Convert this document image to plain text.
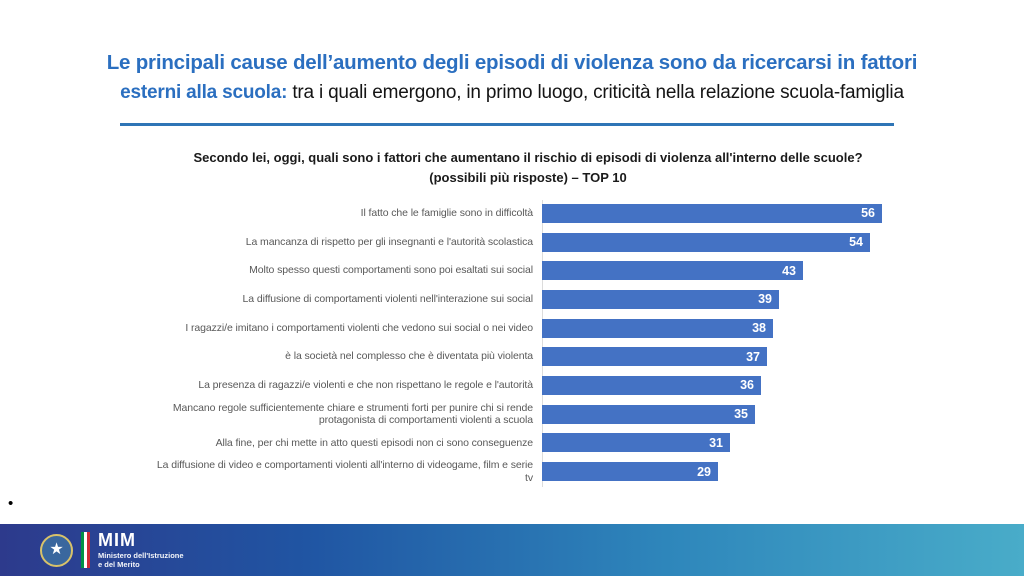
Le principali cause dell’aumento degli episodi di violenza sono da ricercarsi in fattori
esterni alla scuola: tra i quali emergono, in primo luogo, criticità nella relazione scuola-famiglia
Secondo lei, oggi, quali sono i fattori che aumentano il rischio di episodi di violenza all'interno delle scuole?
(possibili più risposte) – TOP 10
Il fatto che le famiglie sono in difficoltà	56
La mancanza di rispetto per gli insegnanti e l'autorità scolastica	54
Molto spesso questi comportamenti sono poi esaltati sui social	43
La diffusione di comportamenti violenti nell'interazione sui social	39
I ragazzi/e imitano i comportamenti violenti che vedono sui social o nei video	38
è la società nel complesso che è diventata più violenta	37
La presenza di ragazzi/e violenti e che non rispettano le regole e l'autorità	36
Mancano regole sufficientemente chiare e strumenti forti per punire chi si rende protagonista di comportamenti violenti a scuola	35
Alla fine, per chi mette in atto questi episodi non ci sono conseguenze	31
La diffusione di video e comportamenti violenti all'interno di videogame, film e serie tv	29
•
★	MIM
Ministero dell'Istruzione
e del Merito
